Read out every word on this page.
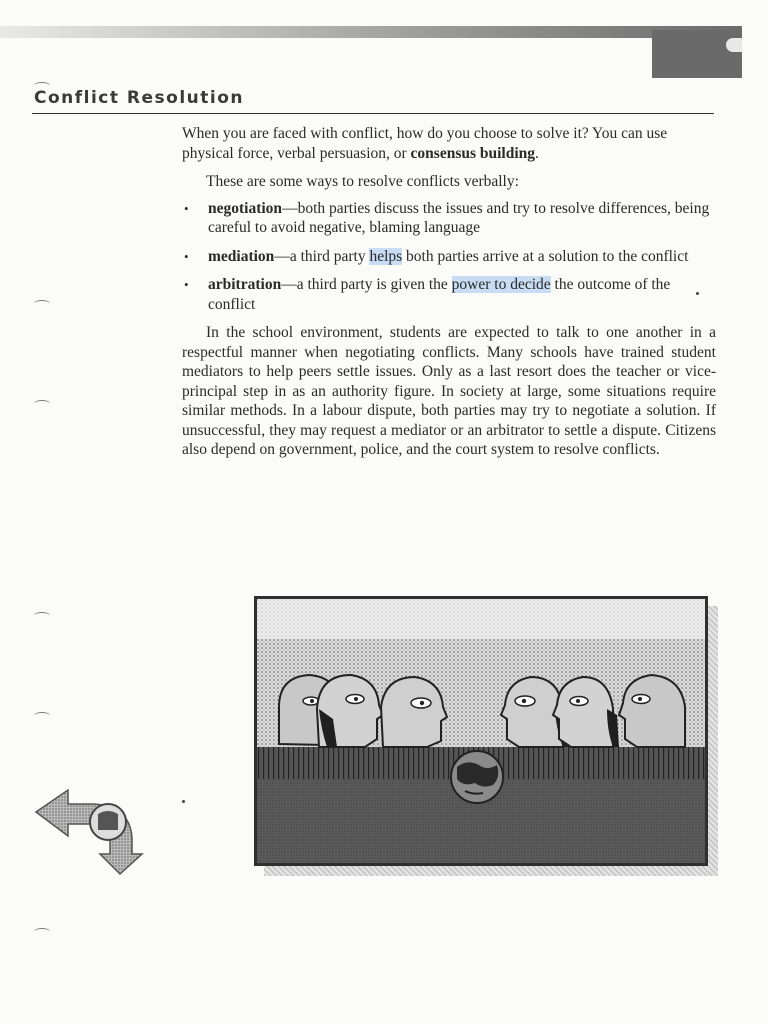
Conflict Resolution

When you are faced with conflict, how do you choose to solve it? You can use physical force, verbal persuasion, or consensus building.

These are some ways to resolve conflicts verbally:

• negotiation—both parties discuss the issues and try to resolve differences, being careful to avoid negative, blaming language
• mediation—a third party helps both parties arrive at a solution to the conflict
• arbitration—a third party is given the power to decide the outcome of the conflict

In the school environment, students are expected to talk to one another in a respectful manner when negotiating conflicts. Many schools have trained student mediators to help peers settle issues. Only as a last resort does the teacher or vice-principal step in as an authority figure. In society at large, some situations require similar methods. In a labour dispute, both parties may try to negotiate a solution. If unsuccessful, they may request a mediator or an arbitrator to settle a dispute. Citizens also depend on government, police, and the court system to resolve conflicts.
